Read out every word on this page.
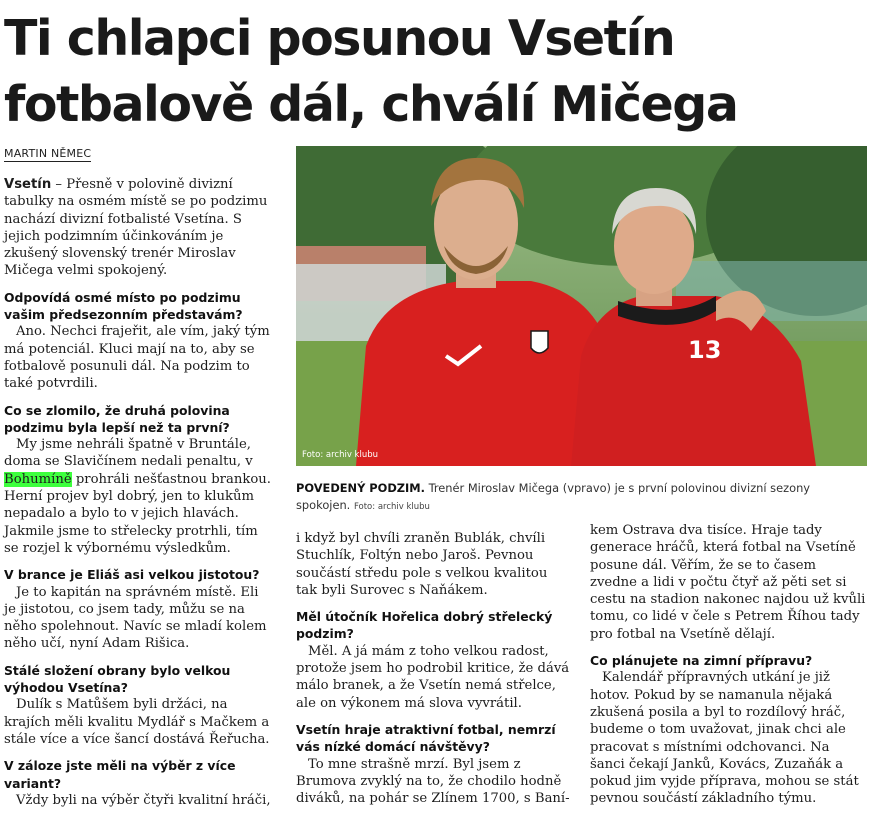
Ti chlapci posunou Vsetín
fotbalově dál, chválí Mičega
MARTIN NĚMEC

Vsetín – Přesně v polovině divizní tabulky na osmém místě se po podzimu nachází divizní fotbalisté Vsetína. S jejich podzimním účinkováním je zkušený slovenský trenér Miroslav Mičega velmi spokojený.

Odpovídá osmé místo po podzimu vašim předsezonním představám?

Ano. Nechci frajeřit, ale vím, jaký tým má potenciál. Kluci mají na to, aby se fotbalově posunuli dál. Na podzim to také potvrdili.

Co se zlomilo, že druhá polovina podzimu byla lepší než ta první?

My jsme nehráli špatně v Bruntále, doma se Slavičínem nedali penaltu, v Bohumíně prohráli nešťastnou brankou. Herní projev byl dobrý, jen to klukům nepadalo a bylo to v jejich hlavách. Jakmile jsme to střelecky protrhli, tím se rozjel k výbornému výsledkům.

V brance je Eliáš asi velkou jistotou?

Je to kapitán na správném místě. Eli je jistotou, co jsem tady, můžu se na něho spolehnout. Navíc se mladí kolem něho učí, nyní Adam Rišica.

Stálé složení obrany bylo velkou výhodou Vsetína?

Dulík s Matůšem byli držáci, na krajích měli kvalitu Mydlář s Mačkem a stále více a více šancí dostává Řeřucha.

V záloze jste měli na výběr z více variant?

Vždy byli na výběr čtyři kvalitní hráči,

13
Foto: archiv klubu
POVEDENÝ PODZIM. Trenér Miroslav Mičega (vpravo) je s první polovinou divizní sezony spokojen. Foto: archiv klubu

i když byl chvíli zraněn Bublák, chvíli Stuchlík, Foltýn nebo Jaroš. Pevnou součástí středu pole s velkou kvalitou tak byli Surovec s Naňákem.

Měl útočník Hořelica dobrý střelecký podzim?

Měl. A já mám z toho velkou radost, protože jsem ho podrobil kritice, že dává málo branek, a že Vsetín nemá střelce, ale on výkonem má slova vyvrátil.

Vsetín hraje atraktivní fotbal, nemrzí vás nízké domácí návštěvy?

To mne strašně mrzí. Byl jsem z Brumova zvyklý na to, že chodilo hodně diváků, na pohár se Zlínem 1700, s Baní-

kem Ostrava dva tisíce. Hraje tady generace hráčů, která fotbal na Vsetíně posune dál. Věřím, že se to časem zvedne a lidi v počtu čtyř až pěti set si cestu na stadion nakonec najdou už kvůli tomu, co lidé v čele s Petrem Říhou tady pro fotbal na Vsetíně dělají.

Co plánujete na zimní přípravu?

Kalendář přípravných utkání je již hotov. Pokud by se namanula nějaká zkušená posila a byl to rozdílový hráč, budeme o tom uvažovat, jinak chci ale pracovat s místními odchovanci. Na šanci čekají Janků, Kovács, Zuzaňák a pokud jim vyjde příprava, mohou se stát pevnou součástí základního týmu.
